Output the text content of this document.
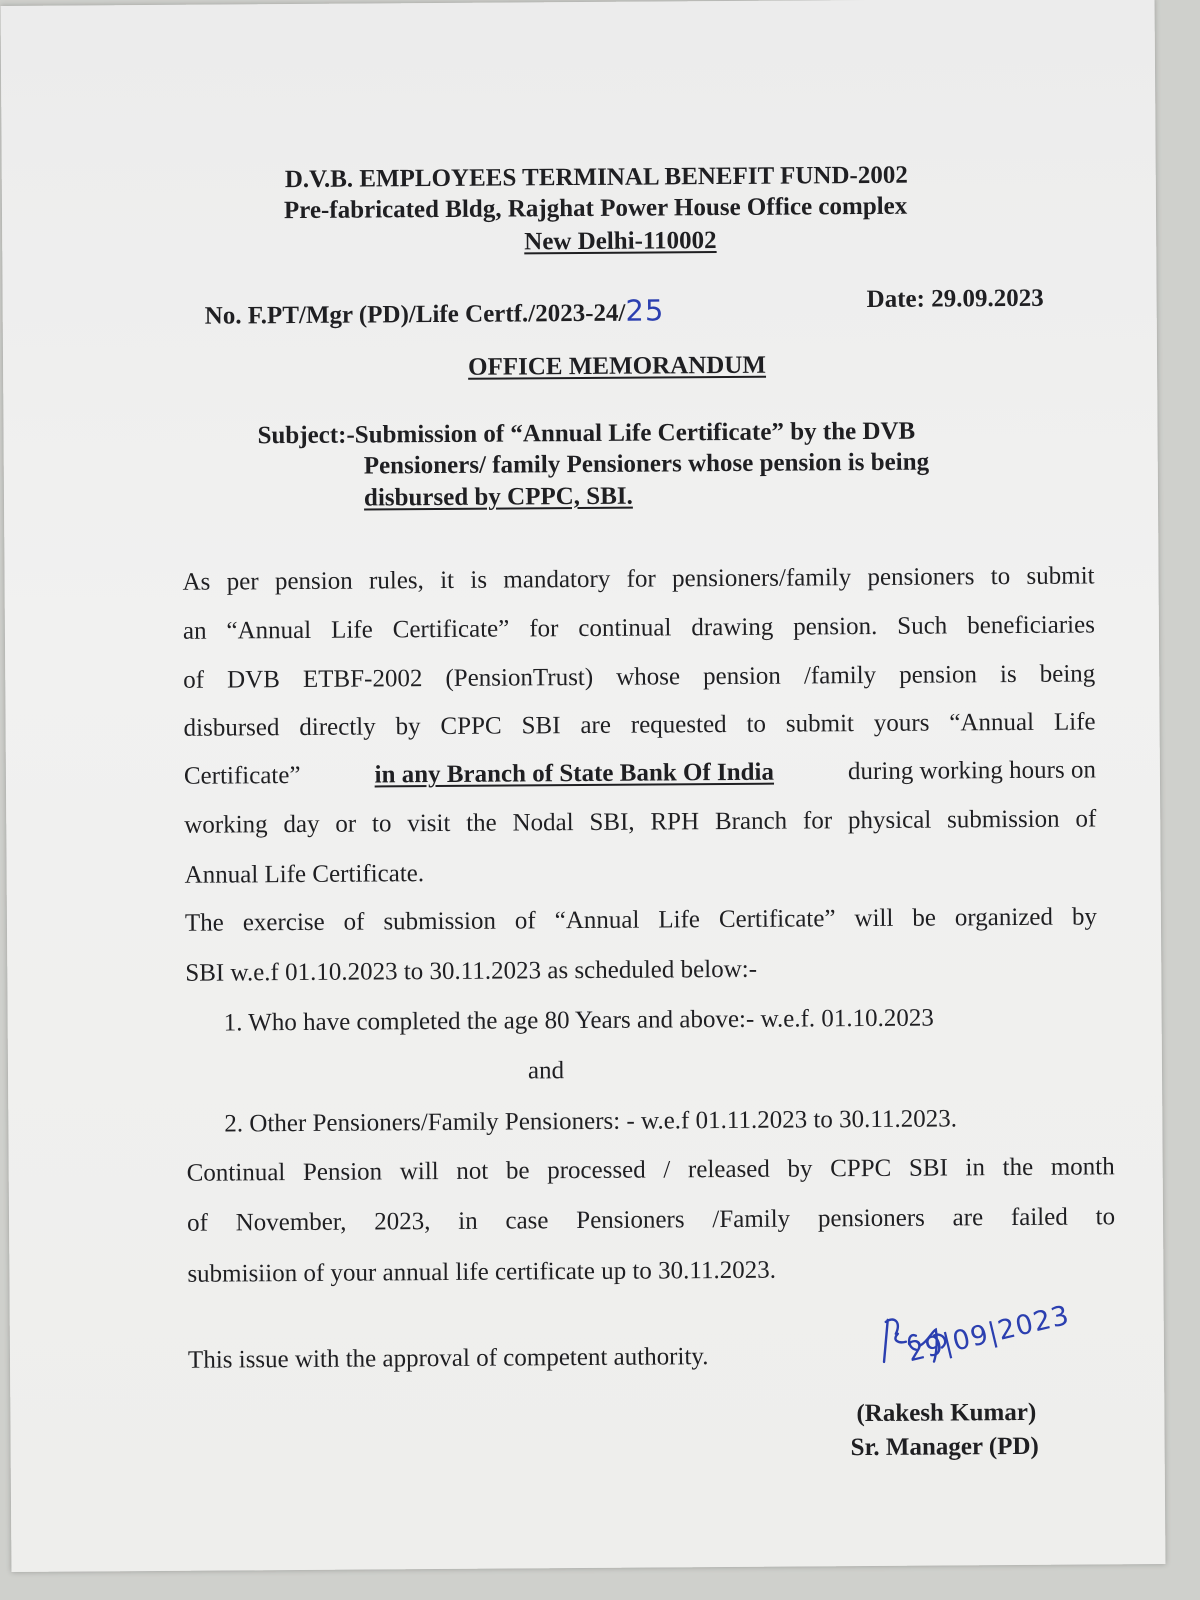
D.V.B. EMPLOYEES TERMINAL BENEFIT FUND-2002
Pre-fabricated Bldg, Rajghat Power House Office complex
New Delhi-110002
No. F.PT/Mgr (PD)/Life Certf./2023-24/25	Date: 29.09.2023
OFFICE MEMORANDUM
Subject:-Submission of “Annual Life Certificate” by the DVB
Pensioners/ family Pensioners whose pension is being
disbursed by CPPC, SBI.
As per pension rules, it is mandatory for pensioners/family pensioners to submit
an “Annual Life Certificate” for continual drawing pension. Such beneficiaries
of DVB ETBF-2002 (PensionTrust) whose pension /family pension is being
disbursed directly by CPPC SBI are requested to submit yours “Annual Life
Certificate”	in any Branch of State Bank Of India	during working hours on
working day or to visit the Nodal SBI, RPH Branch for physical submission of
Annual Life Certificate.
The exercise of submission of “Annual Life Certificate” will be organized by
SBI w.e.f 01.10.2023 to 30.11.2023 as scheduled below:-
1. Who have completed the age 80 Years and above:- w.e.f. 01.10.2023
and
2. Other Pensioners/Family Pensioners: - w.e.f 01.11.2023 to 30.11.2023.
Continual Pension will not be processed / released by CPPC SBI in the month
of November, 2023, in case Pensioners /Family pensioners are failed to
submisiion of your annual life certificate up to 30.11.2023.
This issue with the approval of competent authority.	29|09|2023
(Rakesh Kumar)
Sr. Manager (PD)
